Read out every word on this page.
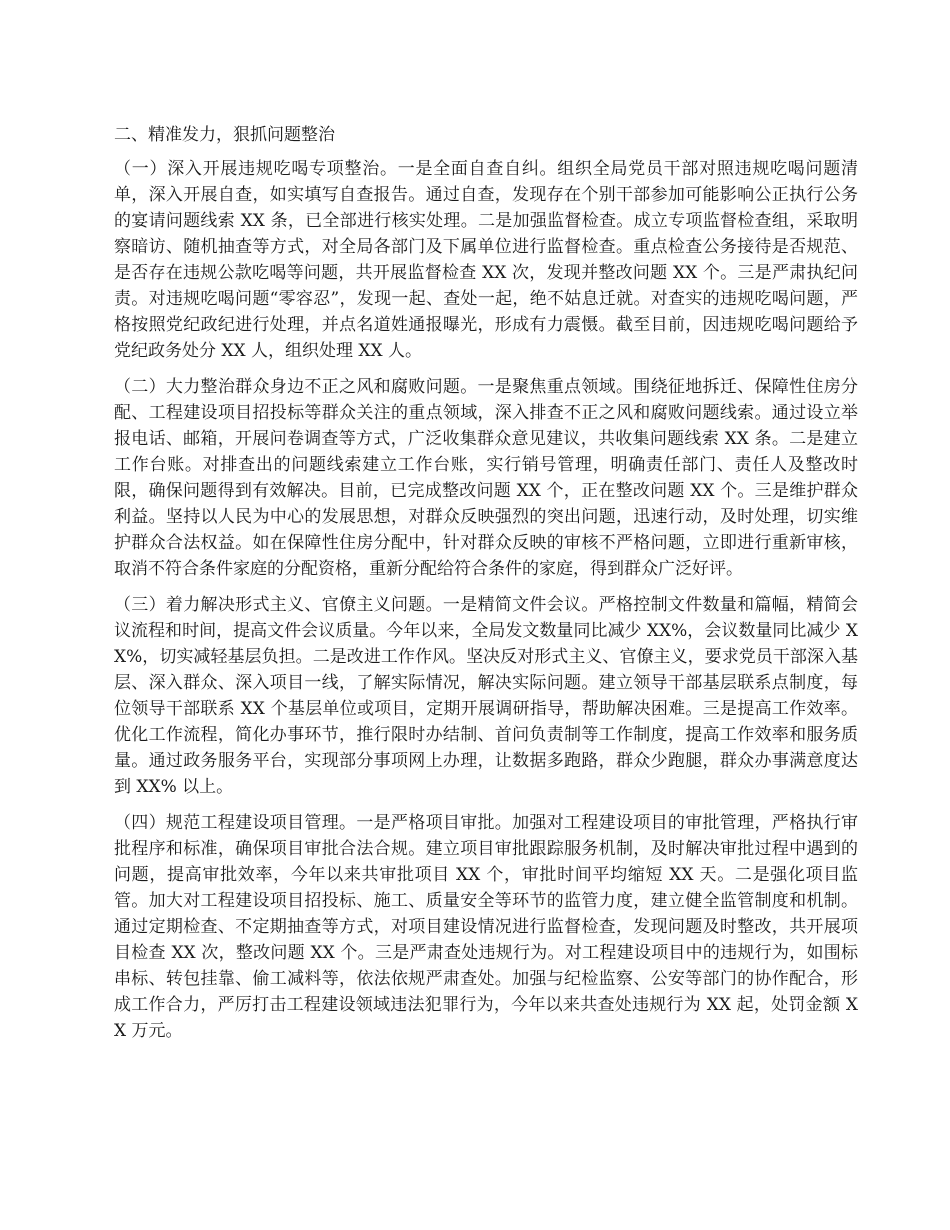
二、精准发力，狠抓问题整治

（一）深入开展违规吃喝专项整治。一是全面自查自纠。组织全局党员干部对照违规吃喝问题清单，深入开展自查，如实填写自查报告。通过自查，发现存在个别干部参加可能影响公正执行公务的宴请问题线索 XX 条，已全部进行核实处理。二是加强监督检查。成立专项监督检查组，采取明察暗访、随机抽查等方式，对全局各部门及下属单位进行监督检查。重点检查公务接待是否规范、是否存在违规公款吃喝等问题，共开展监督检查 XX 次，发现并整改问题 XX 个。三是严肃执纪问责。对违规吃喝问题“零容忍”，发现一起、查处一起，绝不姑息迁就。对查实的违规吃喝问题，严格按照党纪政纪进行处理，并点名道姓通报曝光，形成有力震慑。截至目前，因违规吃喝问题给予党纪政务处分 XX 人，组织处理 XX 人。

（二）大力整治群众身边不正之风和腐败问题。一是聚焦重点领域。围绕征地拆迁、保障性住房分配、工程建设项目招投标等群众关注的重点领域，深入排查不正之风和腐败问题线索。通过设立举报电话、邮箱，开展问卷调查等方式，广泛收集群众意见建议，共收集问题线索 XX 条。二是建立工作台账。对排查出的问题线索建立工作台账，实行销号管理，明确责任部门、责任人及整改时限，确保问题得到有效解决。目前，已完成整改问题 XX 个，正在整改问题 XX 个。三是维护群众利益。坚持以人民为中心的发展思想，对群众反映强烈的突出问题，迅速行动，及时处理，切实维护群众合法权益。如在保障性住房分配中，针对群众反映的审核不严格问题，立即进行重新审核，取消不符合条件家庭的分配资格，重新分配给符合条件的家庭，得到群众广泛好评。

（三）着力解决形式主义、官僚主义问题。一是精简文件会议。严格控制文件数量和篇幅，精简会议流程和时间，提高文件会议质量。今年以来，全局发文数量同比减少 XX%，会议数量同比减少 XX%，切实减轻基层负担。二是改进工作作风。坚决反对形式主义、官僚主义，要求党员干部深入基层、深入群众、深入项目一线，了解实际情况，解决实际问题。建立领导干部基层联系点制度，每位领导干部联系 XX 个基层单位或项目，定期开展调研指导，帮助解决困难。三是提高工作效率。优化工作流程，简化办事环节，推行限时办结制、首问负责制等工作制度，提高工作效率和服务质量。通过政务服务平台，实现部分事项网上办理，让数据多跑路，群众少跑腿，群众办事满意度达到 XX% 以上。

（四）规范工程建设项目管理。一是严格项目审批。加强对工程建设项目的审批管理，严格执行审批程序和标准，确保项目审批合法合规。建立项目审批跟踪服务机制，及时解决审批过程中遇到的问题，提高审批效率，今年以来共审批项目 XX 个，审批时间平均缩短 XX 天。二是强化项目监管。加大对工程建设项目招投标、施工、质量安全等环节的监管力度，建立健全监管制度和机制。通过定期检查、不定期抽查等方式，对项目建设情况进行监督检查，发现问题及时整改，共开展项目检查 XX 次，整改问题 XX 个。三是严肃查处违规行为。对工程建设项目中的违规行为，如围标串标、转包挂靠、偷工减料等，依法依规严肃查处。加强与纪检监察、公安等部门的协作配合，形成工作合力，严厉打击工程建设领域违法犯罪行为，今年以来共查处违规行为 XX 起，处罚金额 XX 万元。
